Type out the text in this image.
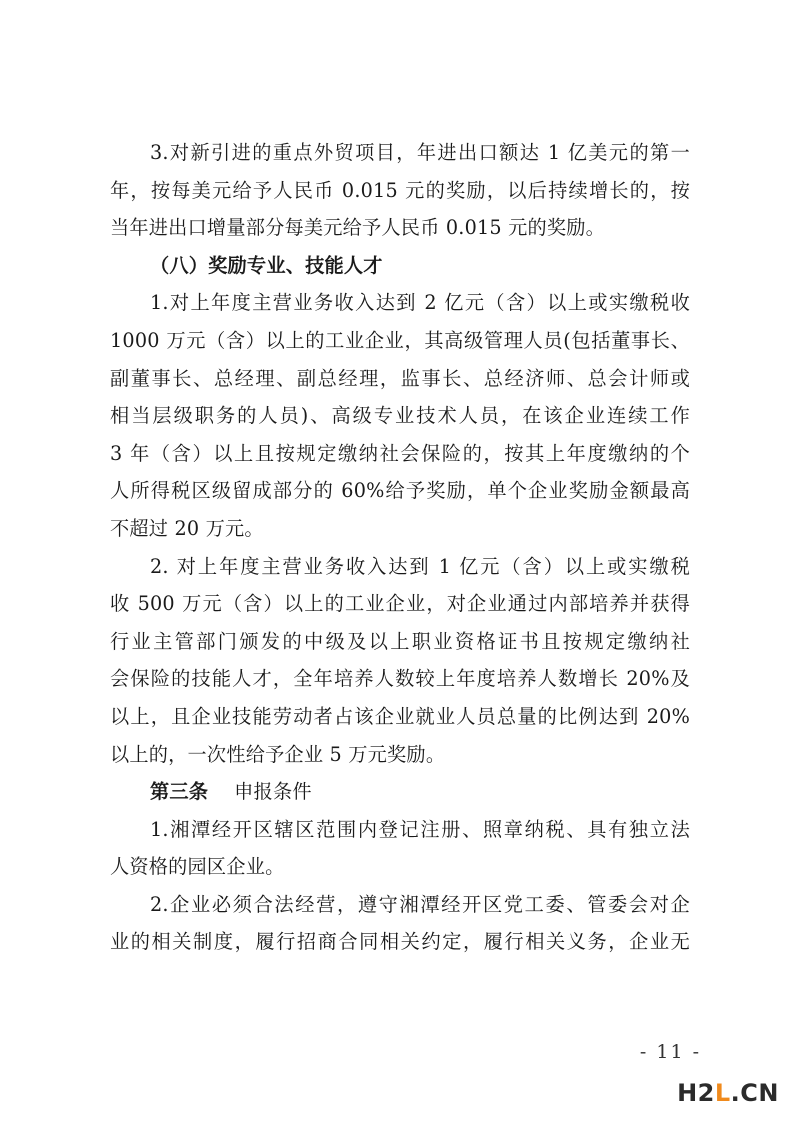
3.对新引进的重点外贸项目，年进出口额达 1 亿美元的第一
年，按每美元给予人民币 0.015 元的奖励，以后持续增长的，按
当年进出口增量部分每美元给予人民币 0.015 元的奖励。
（八）奖励专业、技能人才
1.对上年度主营业务收入达到 2 亿元（含）以上或实缴税收
1000 万元（含）以上的工业企业，其高级管理人员(包括董事长、
副董事长、总经理、副总经理，监事长、总经济师、总会计师或
相当层级职务的人员)、高级专业技术人员，在该企业连续工作
3 年（含）以上且按规定缴纳社会保险的，按其上年度缴纳的个
人所得税区级留成部分的 60%给予奖励，单个企业奖励金额最高
不超过 20 万元。
2. 对上年度主营业务收入达到 1 亿元（含）以上或实缴税
收 500 万元（含）以上的工业企业，对企业通过内部培养并获得
行业主管部门颁发的中级及以上职业资格证书且按规定缴纳社
会保险的技能人才，全年培养人数较上年度培养人数增长 20%及
以上，且企业技能劳动者占该企业就业人员总量的比例达到 20%
以上的，一次性给予企业 5 万元奖励。
第三条 申报条件
1.湘潭经开区辖区范围内登记注册、照章纳税、具有独立法
人资格的园区企业。
2.企业必须合法经营，遵守湘潭经开区党工委、管委会对企
业的相关制度，履行招商合同相关约定，履行相关义务，企业无
- 11 -
H2L.CN
